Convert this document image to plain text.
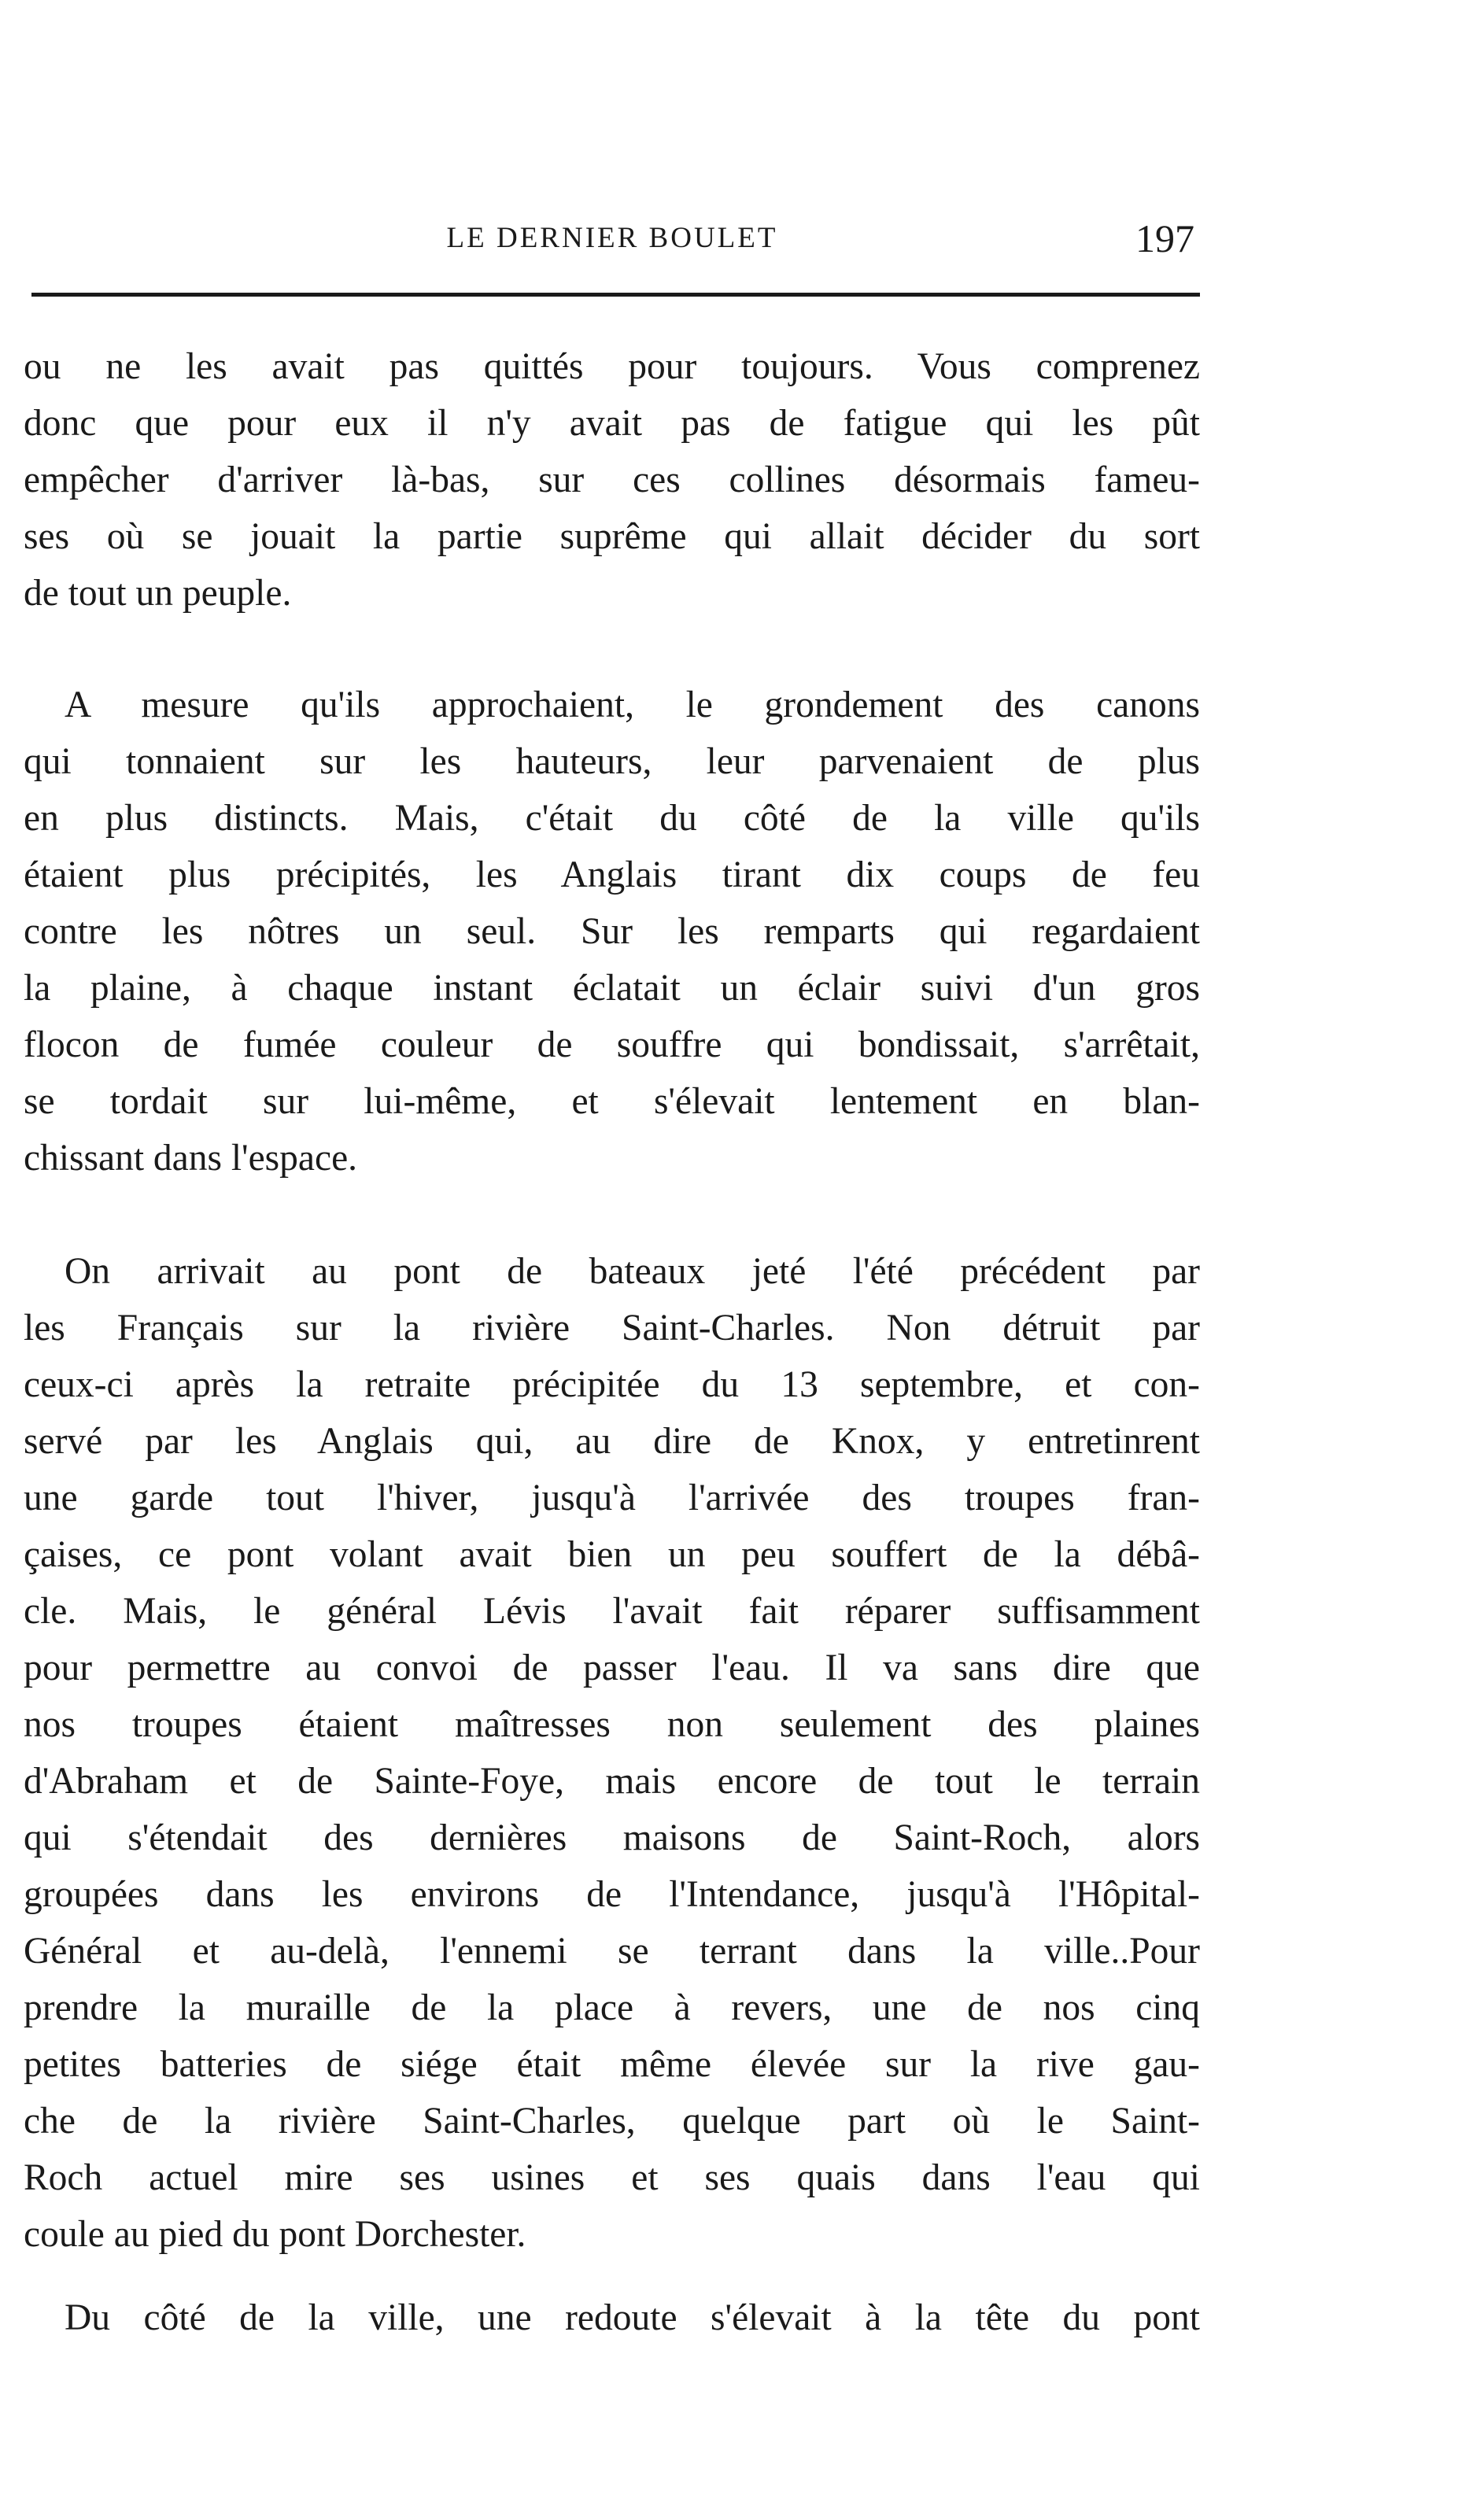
LE DERNIER BOULET	197
ou ne les avait pas quittés pour toujours. Vous comprenez
donc que pour eux il n'y avait pas de fatigue qui les pût
empêcher d'arriver là-bas, sur ces collines désormais fameu-
ses où se jouait la partie suprême qui allait décider du sort
de tout un peuple.
A mesure qu'ils approchaient, le grondement des canons
qui tonnaient sur les hauteurs, leur parvenaient de plus
en plus distincts. Mais, c'était du côté de la ville qu'ils
étaient plus précipités, les Anglais tirant dix coups de feu
contre les nôtres un seul. Sur les remparts qui regardaient
la plaine, à chaque instant éclatait un éclair suivi d'un gros
flocon de fumée couleur de souffre qui bondissait, s'arrêtait,
se tordait sur lui-même, et s'élevait lentement en blan-
chissant dans l'espace.
On arrivait au pont de bateaux jeté l'été précédent par
les Français sur la rivière Saint-Charles. Non détruit par
ceux-ci après la retraite précipitée du 13 septembre, et con-
servé par les Anglais qui, au dire de Knox, y entretinrent
une garde tout l'hiver, jusqu'à l'arrivée des troupes fran-
çaises, ce pont volant avait bien un peu souffert de la débâ-
cle. Mais, le général Lévis l'avait fait réparer suffisamment
pour permettre au convoi de passer l'eau. Il va sans dire que
nos troupes étaient maîtresses non seulement des plaines
d'Abraham et de Sainte-Foye, mais encore de tout le terrain
qui s'étendait des dernières maisons de Saint-Roch, alors
groupées dans les environs de l'Intendance, jusqu'à l'Hôpital-
Général et au-delà, l'ennemi se terrant dans la ville..Pour
prendre la muraille de la place à revers, une de nos cinq
petites batteries de siége était même élevée sur la rive gau-
che de la rivière Saint-Charles, quelque part où le Saint-
Roch actuel mire ses usines et ses quais dans l'eau qui
coule au pied du pont Dorchester.
Du côté de la ville, une redoute s'élevait à la tête du pont
